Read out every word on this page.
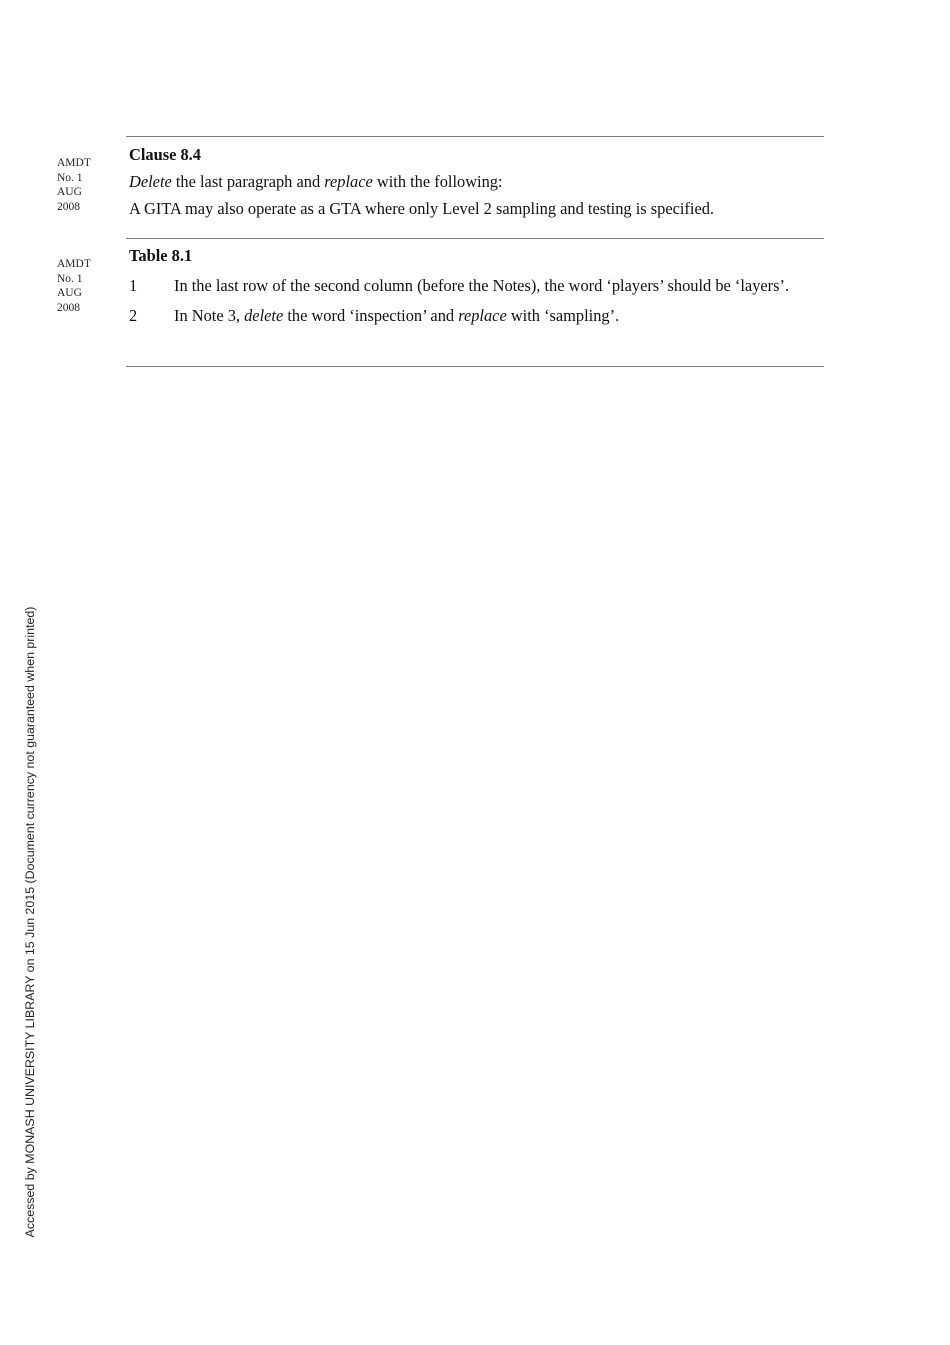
AMDT
No. 1
AUG
2008

Clause 8.4

Delete the last paragraph and replace with the following:

A GITA may also operate as a GTA where only Level 2 sampling and testing is specified.

AMDT
No. 1
AUG
2008

Table 8.1

1 In the last row of the second column (before the Notes), the word ‘players’ should be ‘layers’.
2 In Note 3, delete the word ‘inspection’ and replace with ‘sampling’.
Accessed by MONASH UNIVERSITY LIBRARY on 15 Jun 2015 (Document currency not guaranteed when printed)
